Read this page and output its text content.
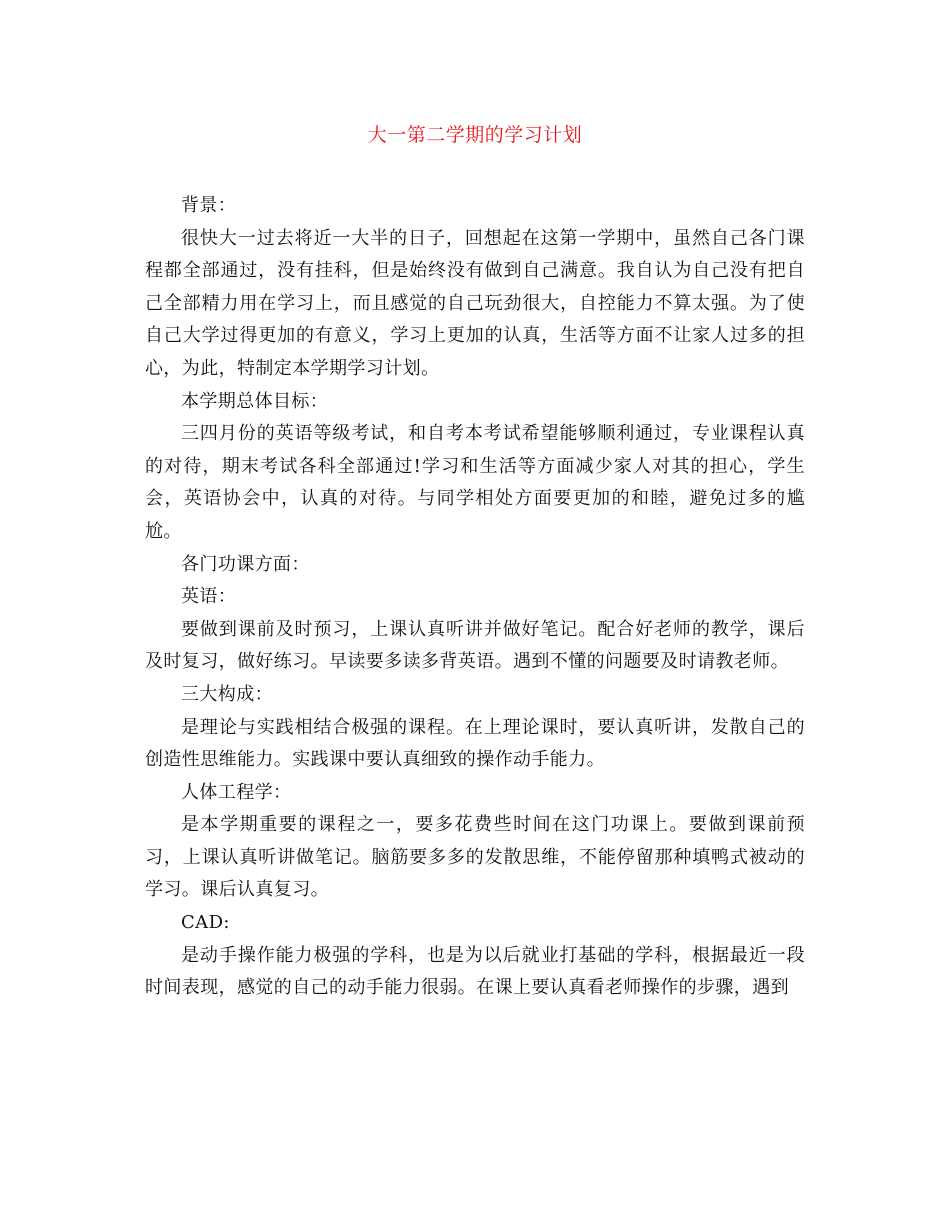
大一第二学期的学习计划

背景：

很快大一过去将近一大半的日子，回想起在这第一学期中，虽然自己各门课程都全部通过，没有挂科，但是始终没有做到自己满意。我自认为自己没有把自己全部精力用在学习上，而且感觉的自己玩劲很大，自控能力不算太强。为了使自己大学过得更加的有意义，学习上更加的认真，生活等方面不让家人过多的担心，为此，特制定本学期学习计划。

本学期总体目标：

三四月份的英语等级考试，和自考本考试希望能够顺利通过，专业课程认真的对待，期末考试各科全部通过!学习和生活等方面减少家人对其的担心，学生会，英语协会中，认真的对待。与同学相处方面要更加的和睦，避免过多的尴尬。

各门功课方面：

英语：

要做到课前及时预习，上课认真听讲并做好笔记。配合好老师的教学，课后及时复习，做好练习。早读要多读多背英语。遇到不懂的问题要及时请教老师。

三大构成：

是理论与实践相结合极强的课程。在上理论课时，要认真听讲，发散自己的创造性思维能力。实践课中要认真细致的操作动手能力。

人体工程学：

是本学期重要的课程之一，要多花费些时间在这门功课上。要做到课前预习，上课认真听讲做笔记。脑筋要多多的发散思维，不能停留那种填鸭式被动的学习。课后认真复习。

CAD:

是动手操作能力极强的学科，也是为以后就业打基础的学科，根据最近一段时间表现，感觉的自己的动手能力很弱。在课上要认真看老师操作的步骤，遇到
